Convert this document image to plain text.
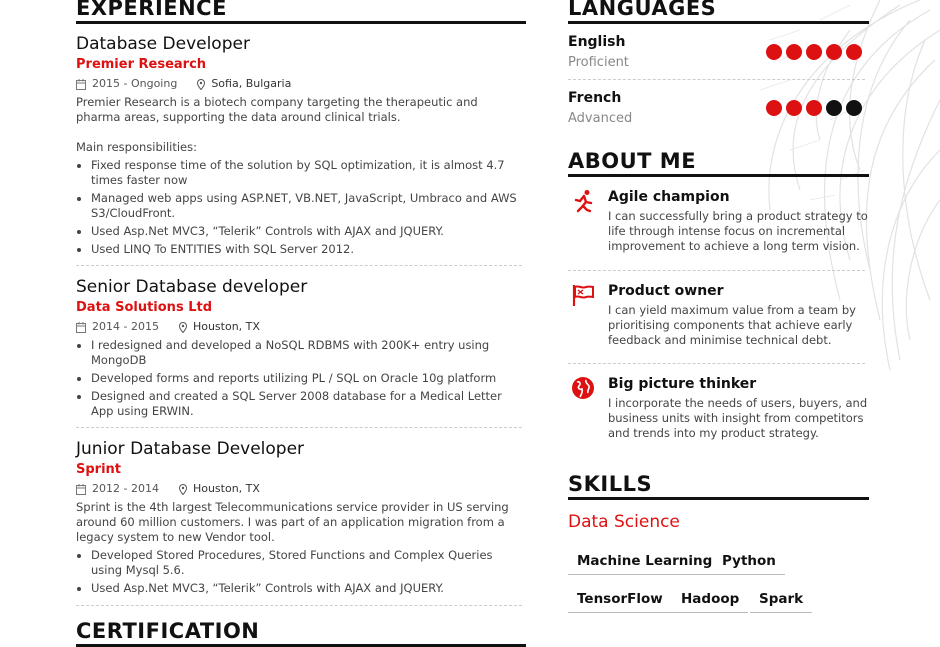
EXPERIENCE
Database Developer
Premier Research
2015 - Ongoing	Sofia, Bulgaria
Premier Research is a biotech company targeting the therapeutic and pharma areas, supporting the data around clinical trials.
Main responsibilities:
• Fixed response time of the solution by SQL optimization, it is almost 4.7 times faster now
• Managed web apps using ASP.NET, VB.NET, JavaScript, Umbraco and AWS S3/CloudFront.
• Used Asp.Net MVC3, “Telerik” Controls with AJAX and JQUERY.
• Used LINQ To ENTITIES with SQL Server 2012.
Senior Database developer
Data Solutions Ltd
2014 - 2015	Houston, TX
• I redesigned and developed a NoSQL RDBMS with 200K+ entry using MongoDB
• Developed forms and reports utilizing PL / SQL on Oracle 10g platform
• Designed and created a SQL Server 2008 database for a Medical Letter App using ERWIN.
Junior Database Developer
Sprint
2012 - 2014	Houston, TX
Sprint is the 4th largest Telecommunications service provider in US serving around 60 million customers. I was part of an application migration from a legacy system to new Vendor tool.
• Developed Stored Procedures, Stored Functions and Complex Queries using Mysql 5.6.
• Used Asp.Net MVC3, “Telerik” Controls with AJAX and JQUERY.
CERTIFICATION
LANGUAGES
English
Proficient
French
Advanced
ABOUT ME
Agile champion
I can successfully bring a product strategy to life through intense focus on incremental improvement to achieve a long term vision.
Product owner
I can yield maximum value from a team by prioritising components that achieve early feedback and minimise technical debt.
Big picture thinker
I incorporate the needs of users, buyers, and business units with insight from competitors and trends into my product strategy.
SKILLS
Data Science
Machine Learning Python
TensorFlow	Hadoop	Spark
